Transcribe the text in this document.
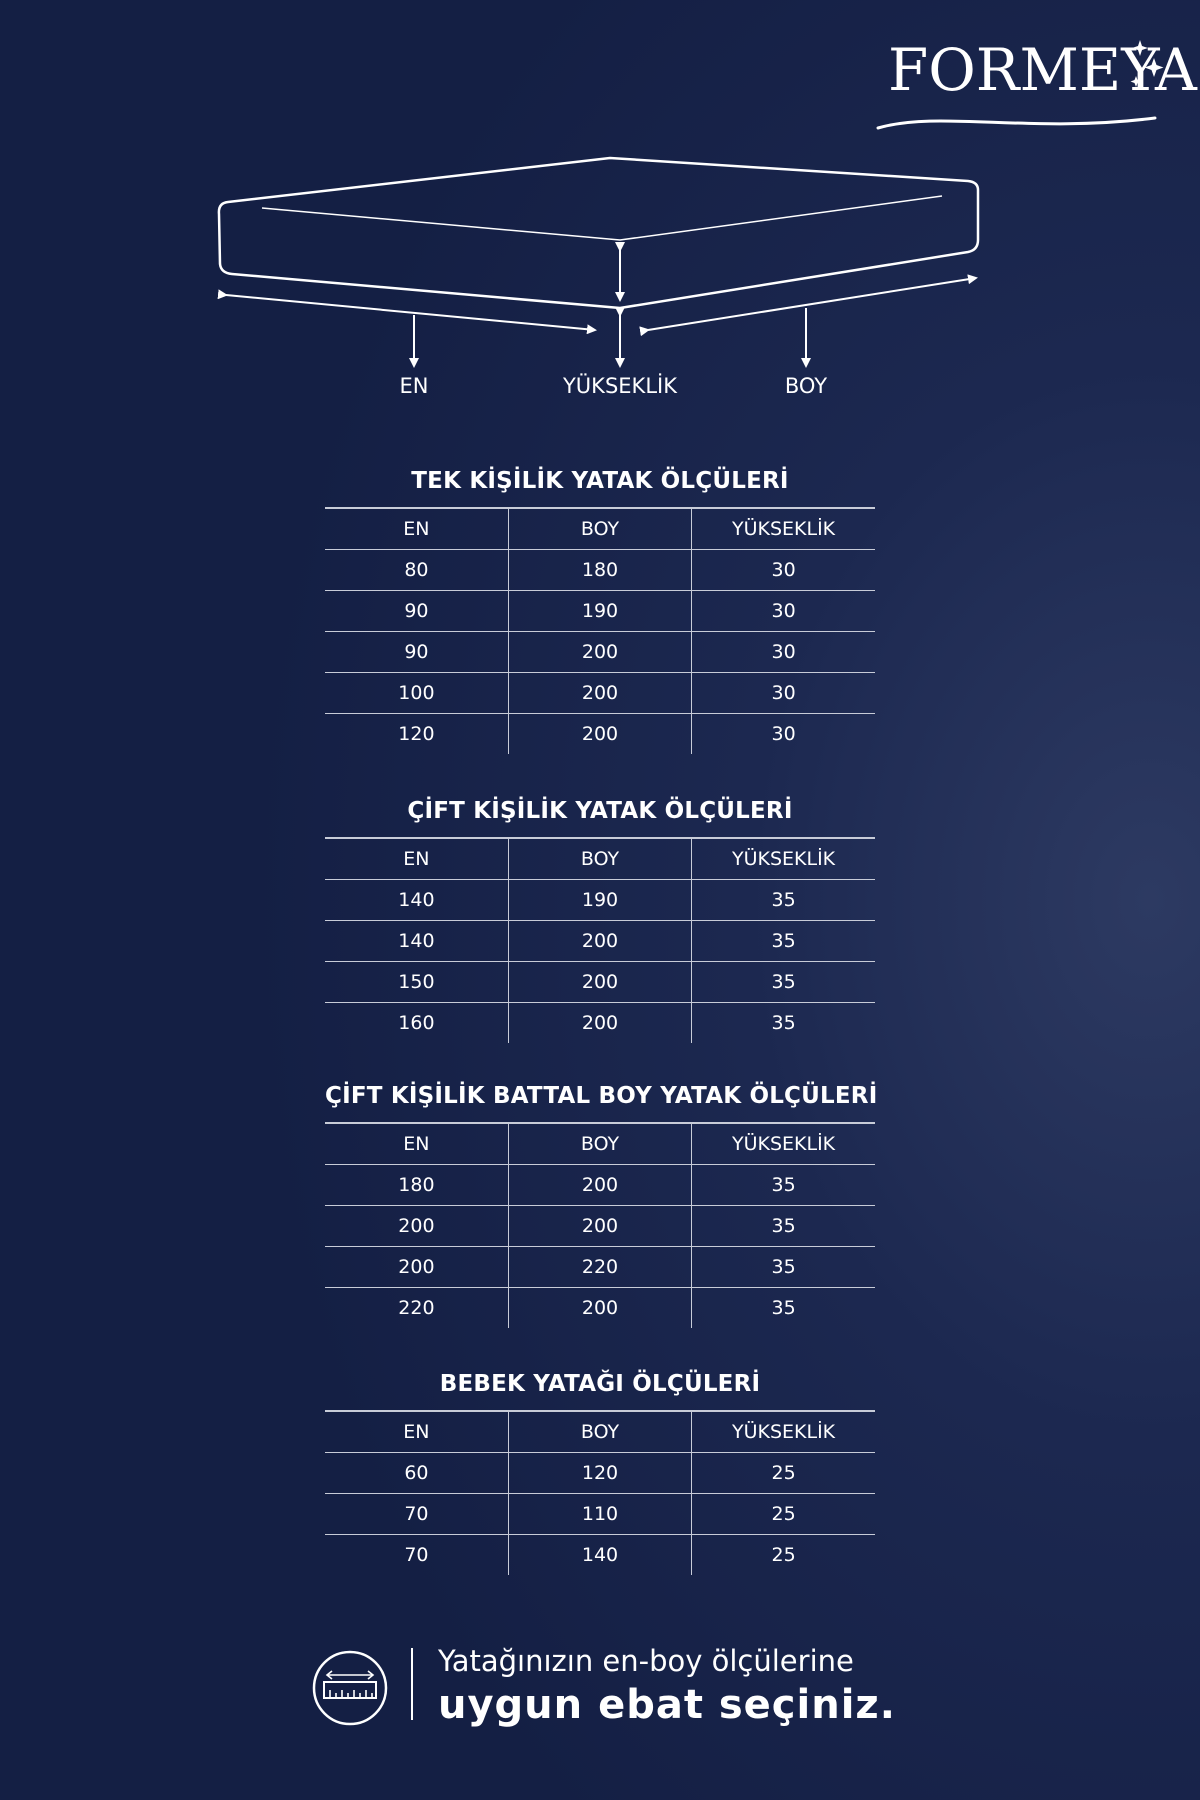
FORMEYA
EN	YÜKSEKLİK	BOY
TEK KİŞİLİK YATAK ÖLÇÜLERİ
EN	BOY	YÜKSEKLİK
80	180	30
90	190	30
90	200	30
100	200	30
120	200	30
ÇİFT KİŞİLİK YATAK ÖLÇÜLERİ
EN	BOY	YÜKSEKLİK
140	190	35
140	200	35
150	200	35
160	200	35
ÇİFT KİŞİLİK BATTAL BOY YATAK ÖLÇÜLERİ
EN	BOY	YÜKSEKLİK
180	200	35
200	200	35
200	220	35
220	200	35
BEBEK YATAĞI ÖLÇÜLERİ
EN	BOY	YÜKSEKLİK
60	120	25
70	110	25
70	140	25
Yatağınızın en-boy ölçülerine
uygun ebat seçiniz.
